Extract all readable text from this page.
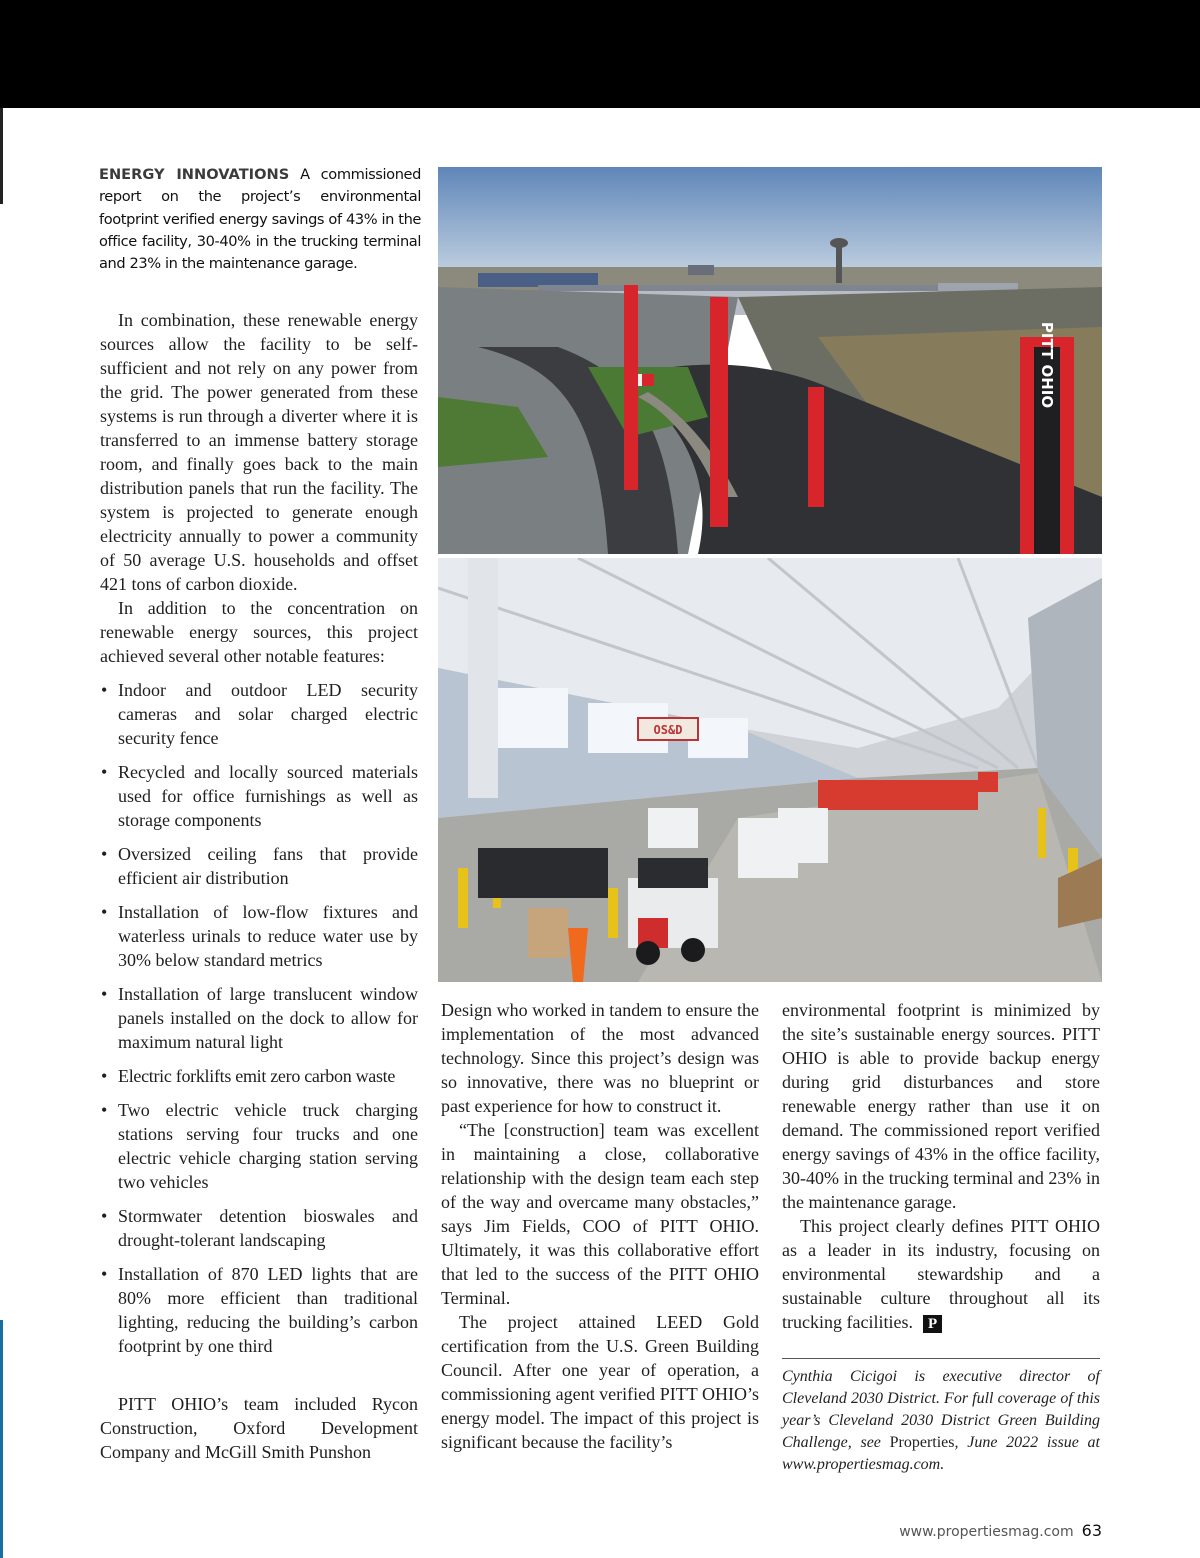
ENERGY INNOVATIONS A commissioned report on the project’s environmental footprint verified energy savings of 43% in the office facility, 30-40% in the trucking terminal and 23% in the maintenance garage.

In combination, these renewable energy sources allow the facility to be self-sufficient and not rely on any power from the grid. The power generated from these systems is run through a diverter where it is transferred to an immense battery storage room, and finally goes back to the main distribution panels that run the facility. The system is projected to generate enough electricity annually to power a community of 50 average U.S. households and offset 421 tons of carbon dioxide.

In addition to the concentration on renewable energy sources, this project achieved several other notable features:

• Indoor and outdoor LED security cameras and solar charged electric security fence
• Recycled and locally sourced materials used for office furnishings as well as storage components
• Oversized ceiling fans that provide efficient air distribution
• Installation of low-flow fixtures and waterless urinals to reduce water use by 30% below standard metrics
• Installation of large translucent window panels installed on the dock to allow for maximum natural light
• Electric forklifts emit zero carbon waste
• Two electric vehicle truck charging stations serving four trucks and one electric vehicle charging station serving two vehicles
• Stormwater detention bioswales and drought-tolerant landscaping
• Installation of 870 LED lights that are 80% more efficient than traditional lighting, reducing the building’s carbon footprint by one third

PITT OHIO’s team included Rycon Construction, Oxford Development Company and McGill Smith Punshon

Design who worked in tandem to ensure the implementation of the most advanced technology. Since this project’s design was so innovative, there was no blueprint or past experience for how to construct it.

“The [construction] team was excellent in maintaining a close, collaborative relationship with the design team each step of the way and overcame many obstacles,” says Jim Fields, COO of PITT OHIO. Ultimately, it was this collaborative effort that led to the success of the PITT OHIO Terminal.

The project attained LEED Gold certification from the U.S. Green Building Council. After one year of operation, a commissioning agent verified PITT OHIO’s energy model. The impact of this project is significant because the facility’s

environmental footprint is minimized by the site’s sustainable energy sources. PITT OHIO is able to provide backup energy during grid disturbances and store renewable energy rather than use it on demand. The commissioned report verified energy savings of 43% in the office facility, 30-40% in the trucking terminal and 23% in the maintenance garage.

This project clearly defines PITT OHIO as a leader in its industry, focusing on environmental stewardship and a sustainable culture throughout all its trucking facilities. P

Cynthia Cicigoi is executive director of Cleveland 2030 District. For full coverage of this year’s Cleveland 2030 District Green Building Challenge, see Properties, June 2022 issue at www.propertiesmag.com.
PITT OHIO
OS&D
www.propertiesmag.com 63
